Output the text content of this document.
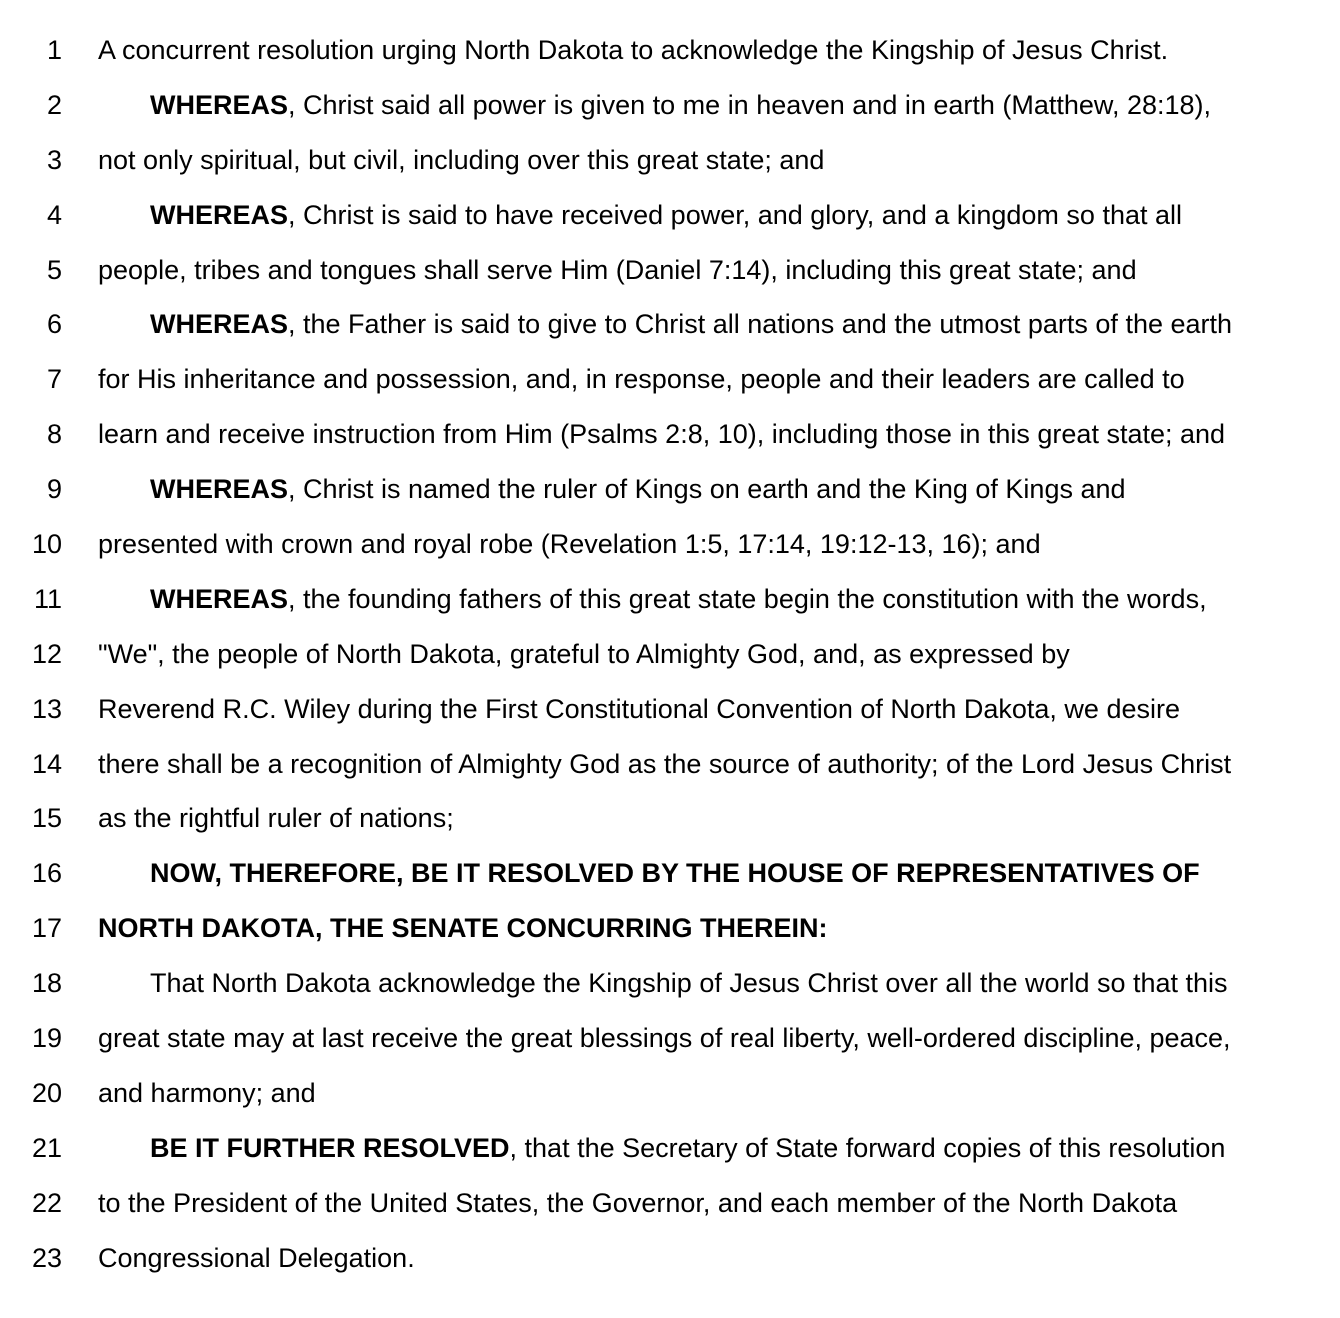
1 A concurrent resolution urging North Dakota to acknowledge the Kingship of Jesus Christ.
2	WHEREAS, Christ said all power is given to me in heaven and in earth (Matthew, 28:18),
3 not only spiritual, but civil, including over this great state; and
4	WHEREAS, Christ is said to have received power, and glory, and a kingdom so that all
5 people, tribes and tongues shall serve Him (Daniel 7:14), including this great state; and
6	WHEREAS, the Father is said to give to Christ all nations and the utmost parts of the earth
7 for His inheritance and possession, and, in response, people and their leaders are called to
8 learn and receive instruction from Him (Psalms 2:8, 10), including those in this great state; and
9	WHEREAS, Christ is named the ruler of Kings on earth and the King of Kings and
10 presented with crown and royal robe (Revelation 1:5, 17:14, 19:12-13, 16); and
11	WHEREAS, the founding fathers of this great state begin the constitution with the words,
12 "We", the people of North Dakota, grateful to Almighty God, and, as expressed by
13 Reverend R.C. Wiley during the First Constitutional Convention of North Dakota, we desire
14 there shall be a recognition of Almighty God as the source of authority; of the Lord Jesus Christ
15 as the rightful ruler of nations;
16	NOW, THEREFORE, BE IT RESOLVED BY THE HOUSE OF REPRESENTATIVES OF
17 NORTH DAKOTA, THE SENATE CONCURRING THEREIN:
18	That North Dakota acknowledge the Kingship of Jesus Christ over all the world so that this
19 great state may at last receive the great blessings of real liberty, well-ordered discipline, peace,
20 and harmony; and
21	BE IT FURTHER RESOLVED, that the Secretary of State forward copies of this resolution
22 to the President of the United States, the Governor, and each member of the North Dakota
23 Congressional Delegation.
